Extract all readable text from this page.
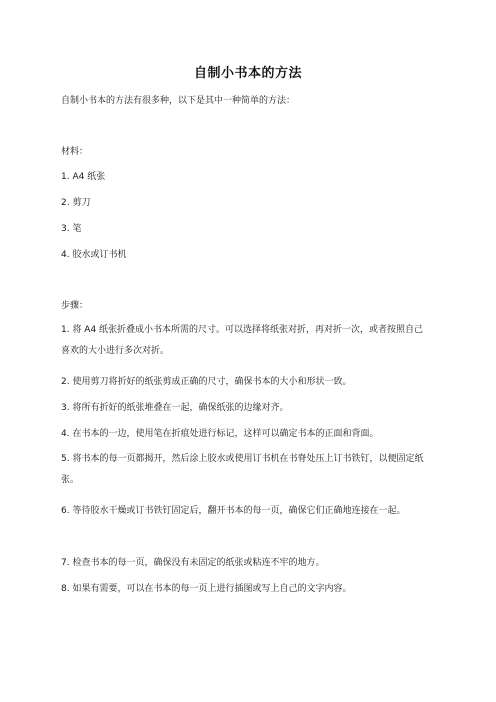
自制小书本的方法
自制小书本的方法有很多种，以下是其中一种简单的方法：
材料：
1. A4 纸张
2. 剪刀
3. 笔
4. 胶水或订书机
步骤：
1. 将 A4 纸张折叠成小书本所需的尺寸。可以选择将纸张对折，再对折一次，或者按照自己喜欢的大小进行多次对折。
2. 使用剪刀将折好的纸张剪成正确的尺寸，确保书本的大小和形状一致。
3. 将所有折好的纸张堆叠在一起，确保纸张的边缘对齐。
4. 在书本的一边，使用笔在折痕处进行标记，这样可以确定书本的正面和背面。
5. 将书本的每一页都揭开，然后涂上胶水或使用订书机在书脊处压上订书铁钉，以便固定纸张。
6. 等待胶水干燥或订书铁钉固定后，翻开书本的每一页，确保它们正确地连接在一起。
7. 检查书本的每一页，确保没有未固定的纸张或粘连不牢的地方。
8. 如果有需要，可以在书本的每一页上进行插图或写上自己的文字内容。
